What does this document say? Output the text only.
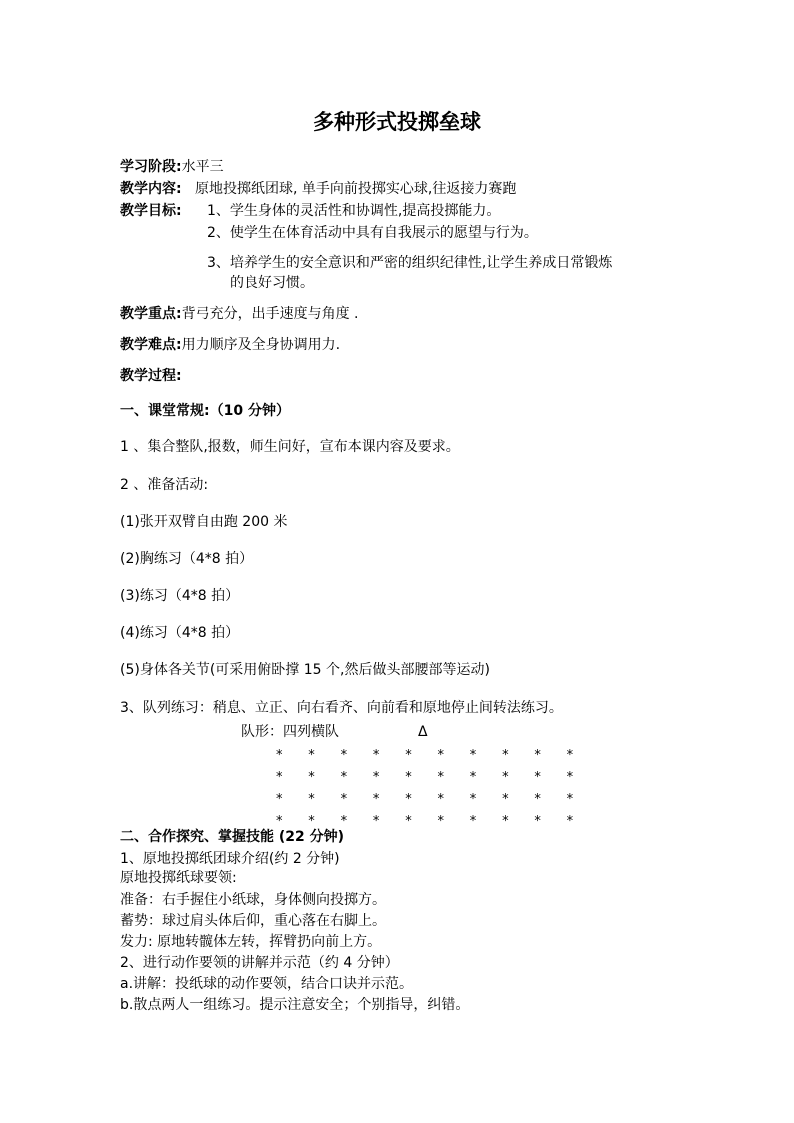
多种形式投掷垒球
学习阶段:水平三
教学内容: 原地投掷纸团球, 单手向前投掷实心球,往返接力赛跑
教学目标: 1、学生身体的灵活性和协调性,提高投掷能力。
2、使学生在体育活动中具有自我展示的愿望与行为。
3、培养学生的安全意识和严密的组织纪律性,让学生养成日常锻炼
的良好习惯。
教学重点:背弓充分，出手速度与角度 .
教学难点:用力顺序及全身协调用力.
教学过程:
一、课堂常规:（10 分钟）
1 、集合整队,报数，师生问好，宣布本课内容及要求。
2 、准备活动:
(1)张开双臂自由跑 200 米
(2)胸练习（4*8 拍）
(3)练习（4*8 拍）
(4)练习（4*8 拍）
(5)身体各关节(可采用俯卧撑 15 个,然后做头部腰部等运动)
3、队列练习：稍息、立正、向右看齐、向前看和原地停止间转法练习。
队形：四列横队	Δ
*	*	*	*	*	*	*	*	*	*
*	*	*	*	*	*	*	*	*	*
*	*	*	*	*	*	*	*	*	*
*	*	*	*	*	*	*	*	*	*
二、合作探究、掌握技能 (22 分钟)
1、原地投掷纸团球介绍(约 2 分钟)
原地投掷纸球要领:
准备：右手握住小纸球，身体侧向投掷方。
蓄势：球过肩头体后仰，重心落在右脚上。
发力: 原地转髋体左转，挥臂扔向前上方。
2、进行动作要领的讲解并示范（约 4 分钟）
a.讲解：投纸球的动作要领，结合口诀并示范。
b.散点两人一组练习。提示注意安全；个别指导，纠错。
